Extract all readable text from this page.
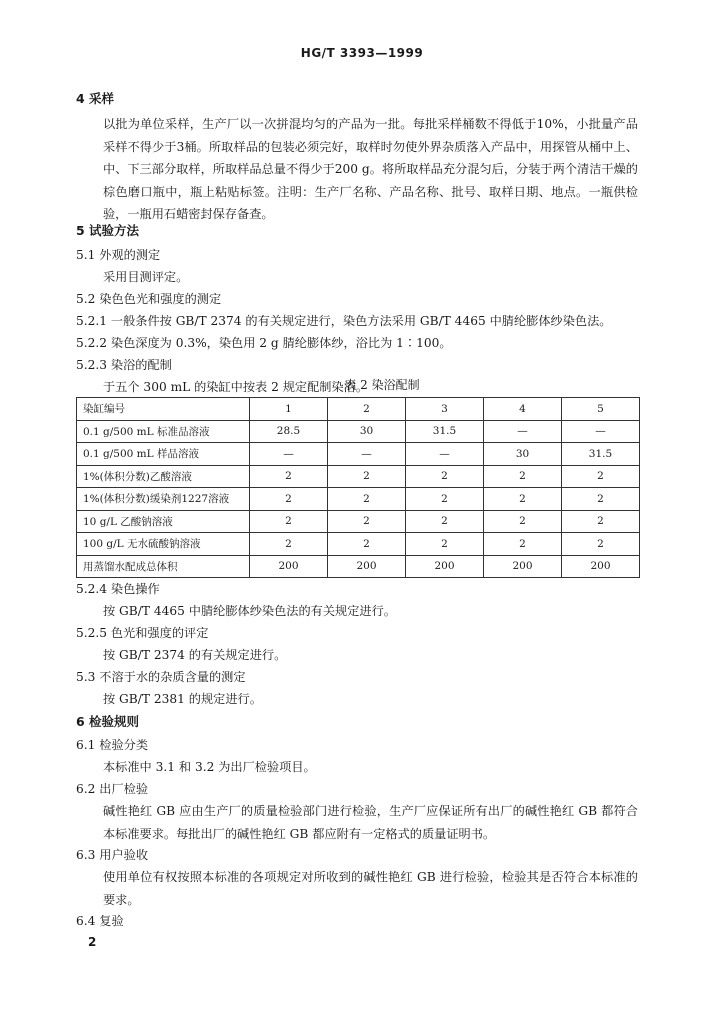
HG/T 3393—1999
4 采样
以批为单位采样，生产厂以一次拼混均匀的产品为一批。每批采样桶数不得低于10%，小批量产品采样不得少于3桶。所取样品的包装必须完好，取样时勿使外界杂质落入产品中，用探管从桶中上、中、下三部分取样，所取样品总量不得少于200 g。将所取样品充分混匀后，分装于两个清洁干燥的棕色磨口瓶中，瓶上粘贴标签。注明：生产厂名称、产品名称、批号、取样日期、地点。一瓶供检验，一瓶用石蜡密封保存备查。
5 试验方法
5.1 外观的测定
采用目测评定。
5.2 染色色光和强度的测定
5.2.1 一般条件按 GB/T 2374 的有关规定进行，染色方法采用 GB/T 4465 中腈纶膨体纱染色法。
5.2.2 染色深度为 0.3%，染色用 2 g 腈纶膨体纱，浴比为 1∶100。
5.2.3 染浴的配制
于五个 300 mL 的染缸中按表 2 规定配制染浴。
表 2 染浴配制
染缸编号	1	2	3	4	5
0.1 g/500 mL 标准品溶液	28.5	30	31.5	—	—
0.1 g/500 mL 样品溶液	—	—	—	30	31.5
1%(体积分数)乙酸溶液	2	2	2	2	2
1%(体积分数)缓染剂1227溶液	2	2	2	2	2
10 g/L 乙酸钠溶液	2	2	2	2	2
100 g/L 无水硫酸钠溶液	2	2	2	2	2
用蒸馏水配成总体积	200	200	200	200	200
5.2.4 染色操作
按 GB/T 4465 中腈纶膨体纱染色法的有关规定进行。
5.2.5 色光和强度的评定
按 GB/T 2374 的有关规定进行。
5.3 不溶于水的杂质含量的测定
按 GB/T 2381 的规定进行。
6 检验规则
6.1 检验分类
本标准中 3.1 和 3.2 为出厂检验项目。
6.2 出厂检验
碱性艳红 GB 应由生产厂的质量检验部门进行检验，生产厂应保证所有出厂的碱性艳红 GB 都符合本标准要求。每批出厂的碱性艳红 GB 都应附有一定格式的质量证明书。
6.3 用户验收
使用单位有权按照本标准的各项规定对所收到的碱性艳红 GB 进行检验，检验其是否符合本标准的要求。
6.4 复验
2
